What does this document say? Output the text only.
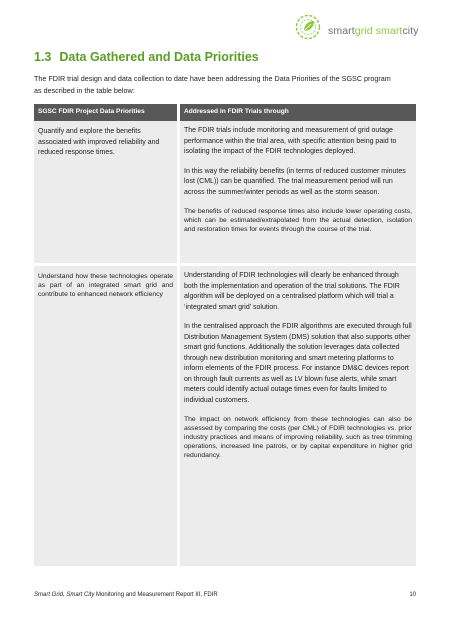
smartgrid smartcity
1.3 Data Gathered and Data Priorities
The FDIR trial design and data collection to date have been addressing the Data Priorities of the SGSC program as described in the table below:
SGSC FDIR Project Data Priorities	Addressed in FDIR Trials through

Quantify and explore the benefits associated with improved reliability and reduced response times.	The FDIR trials include monitoring and measurement of grid outage performance within the trial area, with specific attention being paid to isolating the impact of the FDIR technologies deployed.

In this way the reliability benefits (in terms of reduced customer minutes lost (CML)) can be quantified. The trial measurement period will run across the summer/winter periods as well as the storm season.

The benefits of reduced response times also include lower operating costs, which can be estimated/extrapolated from the actual detection, isolation and restoration times for events through the course of the trial.

Understand how these technologies operate as part of an integrated smart grid and contribute to enhanced network efficiency	Understanding of FDIR technologies will clearly be enhanced through both the implementation and operation of the trial solutions. The FDIR algorithm will be deployed on a centralised platform which will trial a ‘integrated smart grid’ solution.

In the centralised approach the FDIR algorithms are executed through full Distribution Management System (DMS) solution that also supports other smart grid functions. Additionally the solution leverages data collected through new distribution monitoring and smart metering platforms to inform elements of the FDIR process. For instance DM&C devices report on through fault currents as well as LV blown fuse alerts, while smart meters could identify actual outage times even for faults limited to individual customers.

The impact on network efficiency from these technologies can also be assessed by comparing the costs (per CML) of FDIR technologies vs. prior industry practices and means of improving reliability, such as tree trimming operations, increased line patrols, or by capital expenditure in higher grid redundancy.

Smart Grid, Smart City Monitoring and Measurement Report III, FDIR	10
